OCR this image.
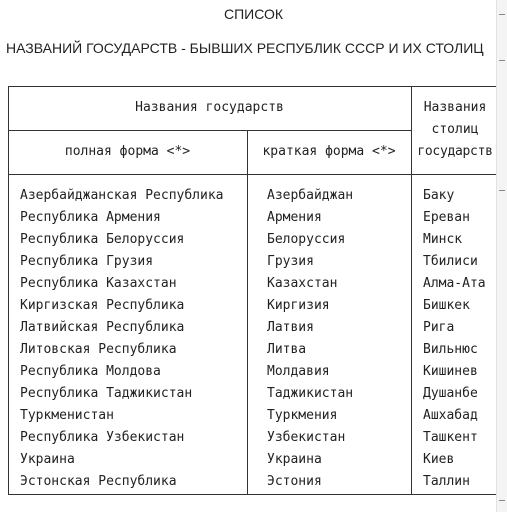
СПИСОК
НАЗВАНИЙ ГОСУДАРСТВ - БЫВШИХ РЕСПУБЛИК СССР И ИХ СТОЛИЦ
Названия государств
полная форма <*>	краткая форма <*>
Названия
столиц
государств
Азербайджанская Республика	Азербайджан	Баку
Республика Армения	Армения	Ереван
Республика Белоруссия	Белоруссия	Минск
Республика Грузия	Грузия	Тбилиси
Республика Казахстан	Казахстан	Алма-Ата
Киргизская Республика	Киргизия	Бишкек
Латвийская Республика	Латвия	Рига
Литовская Республика	Литва	Вильнюс
Республика Молдова	Молдавия	Кишинев
Республика Таджикистан	Таджикистан	Душанбе
Туркменистан	Туркмения	Ашхабад
Республика Узбекистан	Узбекистан	Ташкент
Украина	Украина	Киев
Эстонская Республика	Эстония	Таллин
